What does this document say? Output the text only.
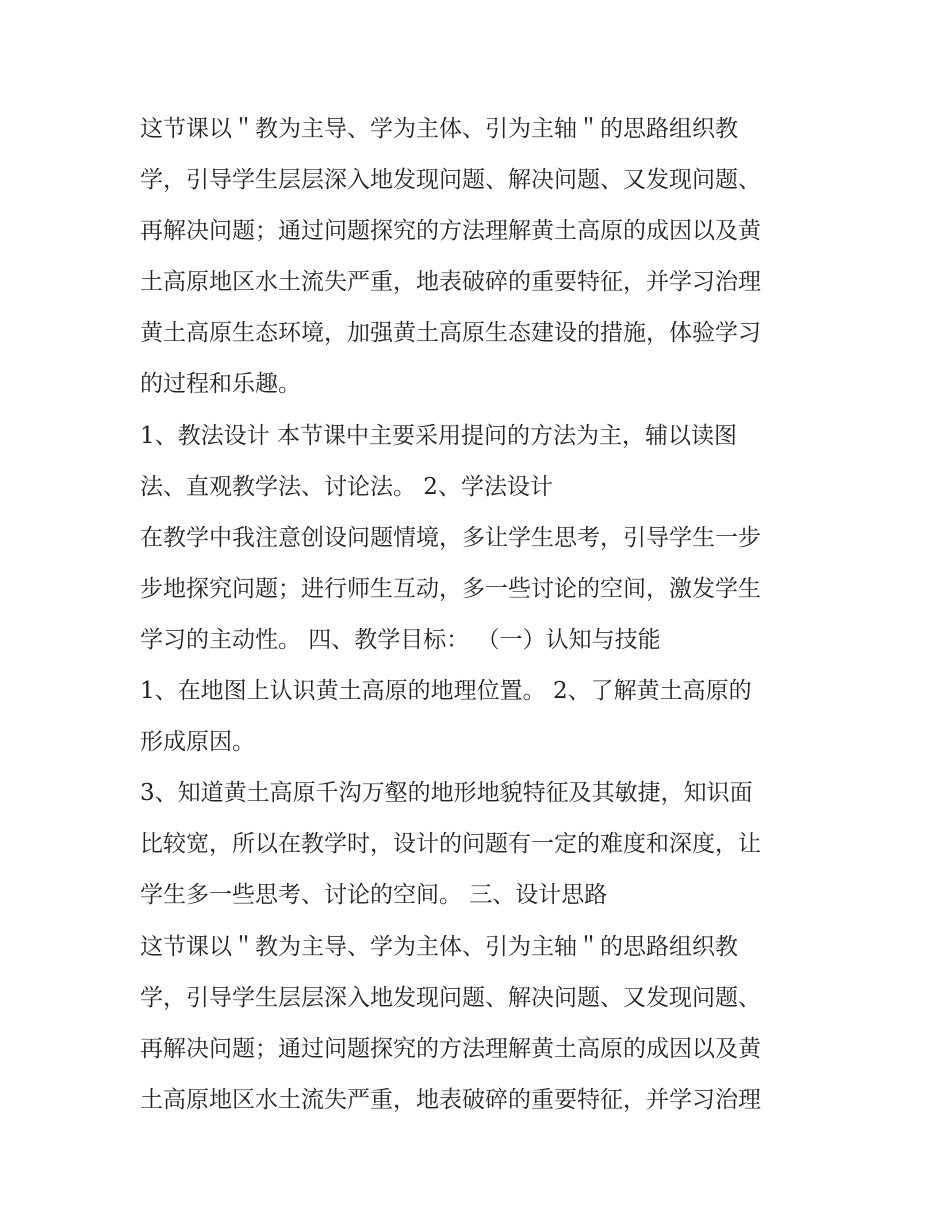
这节课以＂教为主导、学为主体、引为主轴＂的思路组织教
学，引导学生层层深入地发现问题、解决问题、又发现问题、
再解决问题；通过问题探究的方法理解黄土高原的成因以及黄
土高原地区水土流失严重，地表破碎的重要特征，并学习治理
黄土高原生态环境，加强黄土高原生态建设的措施，体验学习
的过程和乐趣。
1、教法设计 本节课中主要采用提问的方法为主，辅以读图
法、直观教学法、讨论法。 2、学法设计
在教学中我注意创设问题情境，多让学生思考，引导学生一步
步地探究问题；进行师生互动，多一些讨论的空间，激发学生
学习的主动性。 四、教学目标： （一）认知与技能
1、在地图上认识黄土高原的地理位置。 2、了解黄土高原的
形成原因。
3、知道黄土高原千沟万壑的地形地貌特征及其敏捷，知识面
比较宽，所以在教学时，设计的问题有一定的难度和深度，让
学生多一些思考、讨论的空间。 三、设计思路
这节课以＂教为主导、学为主体、引为主轴＂的思路组织教
学，引导学生层层深入地发现问题、解决问题、又发现问题、
再解决问题；通过问题探究的方法理解黄土高原的成因以及黄
土高原地区水土流失严重，地表破碎的重要特征，并学习治理
